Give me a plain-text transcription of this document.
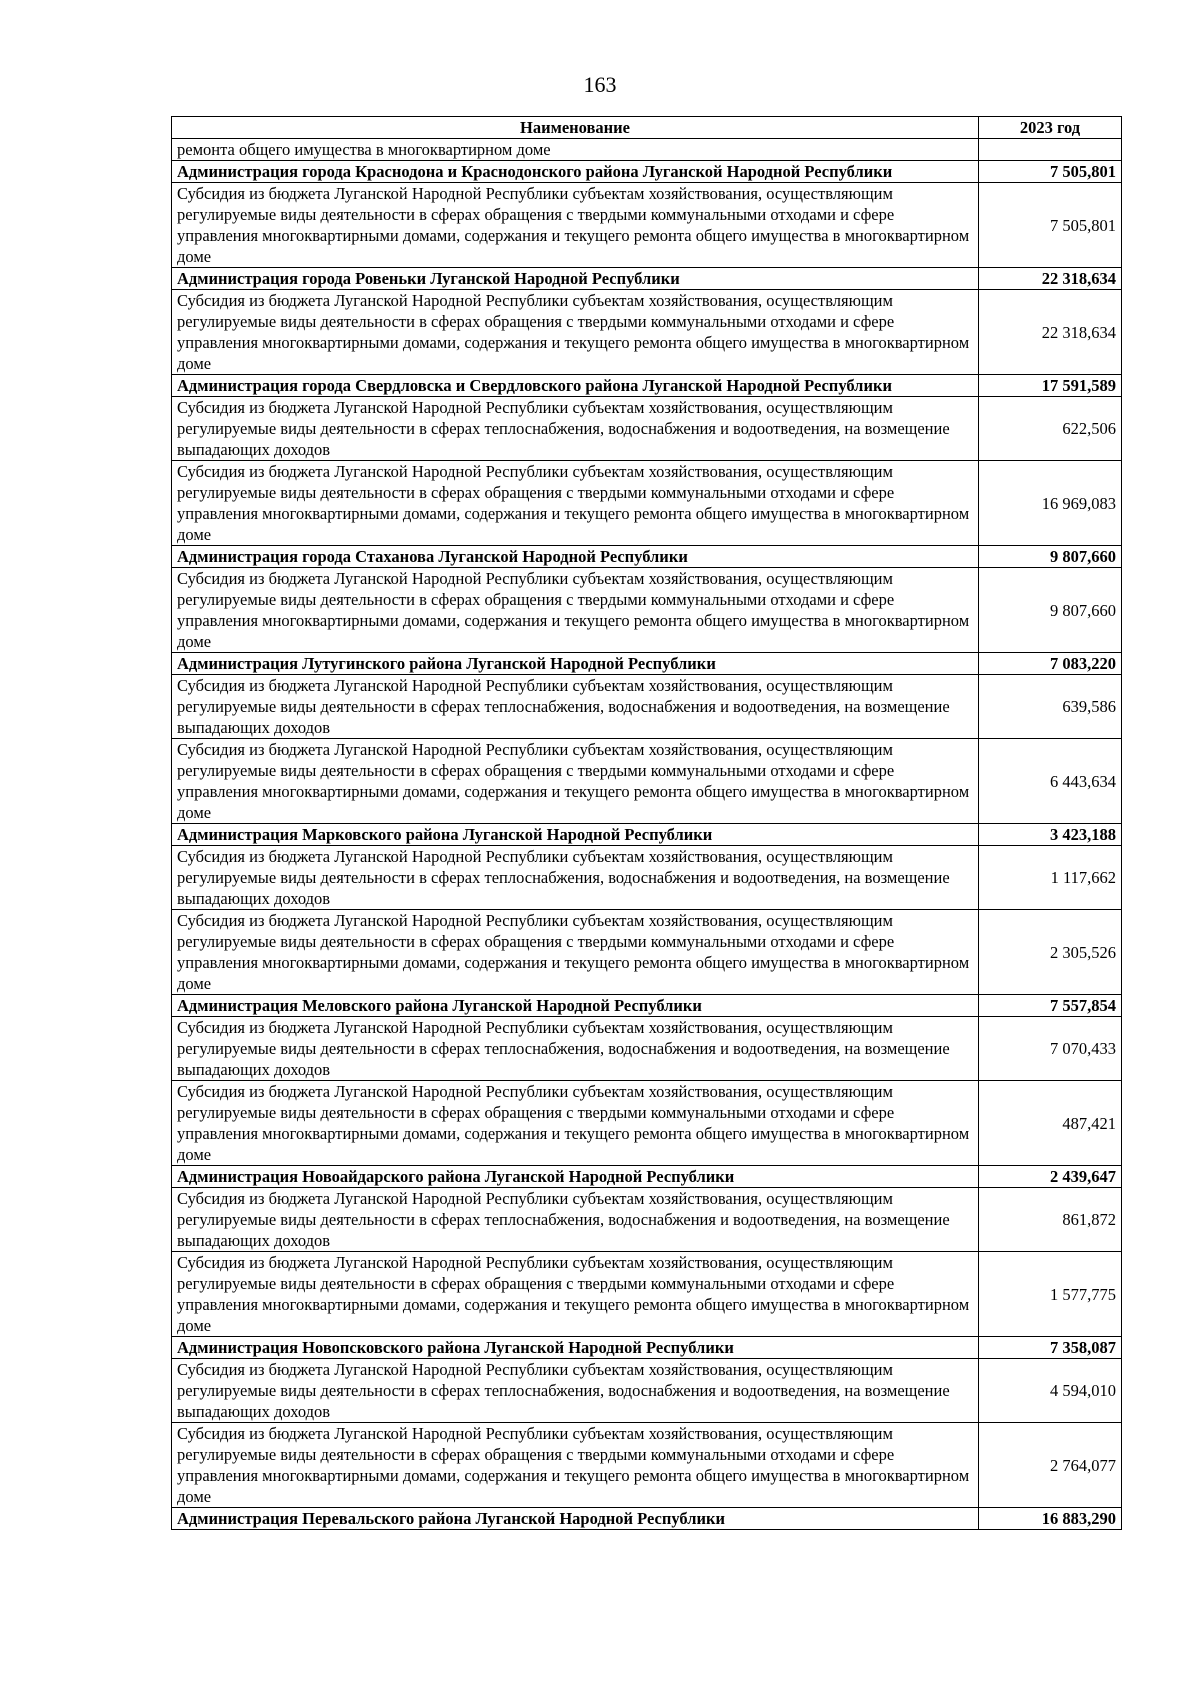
163
Наименование	2023 год
ремонта общего имущества в многоквартирном доме	
Администрация города Краснодона и Краснодонского района Луганской Народной Республики	7 505,801
Субсидия из бюджета Луганской Народной Республики субъектам хозяйствования, осуществляющим регулируемые виды деятельности в сферах обращения с твердыми коммунальными отходами и сфере управления многоквартирными домами, содержания и текущего ремонта общего имущества в многоквартирном доме	7 505,801
Администрация города Ровеньки Луганской Народной Республики	22 318,634
Субсидия из бюджета Луганской Народной Республики субъектам хозяйствования, осуществляющим регулируемые виды деятельности в сферах обращения с твердыми коммунальными отходами и сфере управления многоквартирными домами, содержания и текущего ремонта общего имущества в многоквартирном доме	22 318,634
Администрация города Свердловска и Свердловского района Луганской Народной Республики	17 591,589
Субсидия из бюджета Луганской Народной Республики субъектам хозяйствования, осуществляющим регулируемые виды деятельности в сферах теплоснабжения, водоснабжения и водоотведения, на возмещение выпадающих доходов	622,506
Субсидия из бюджета Луганской Народной Республики субъектам хозяйствования, осуществляющим регулируемые виды деятельности в сферах обращения с твердыми коммунальными отходами и сфере управления многоквартирными домами, содержания и текущего ремонта общего имущества в многоквартирном доме	16 969,083
Администрация города Стаханова Луганской Народной Республики	9 807,660
Субсидия из бюджета Луганской Народной Республики субъектам хозяйствования, осуществляющим регулируемые виды деятельности в сферах обращения с твердыми коммунальными отходами и сфере управления многоквартирными домами, содержания и текущего ремонта общего имущества в многоквартирном доме	9 807,660
Администрация Лутугинского района Луганской Народной Республики	7 083,220
Субсидия из бюджета Луганской Народной Республики субъектам хозяйствования, осуществляющим регулируемые виды деятельности в сферах теплоснабжения, водоснабжения и водоотведения, на возмещение выпадающих доходов	639,586
Субсидия из бюджета Луганской Народной Республики субъектам хозяйствования, осуществляющим регулируемые виды деятельности в сферах обращения с твердыми коммунальными отходами и сфере управления многоквартирными домами, содержания и текущего ремонта общего имущества в многоквартирном доме	6 443,634
Администрация Марковского района Луганской Народной Республики	3 423,188
Субсидия из бюджета Луганской Народной Республики субъектам хозяйствования, осуществляющим регулируемые виды деятельности в сферах теплоснабжения, водоснабжения и водоотведения, на возмещение выпадающих доходов	1 117,662
Субсидия из бюджета Луганской Народной Республики субъектам хозяйствования, осуществляющим регулируемые виды деятельности в сферах обращения с твердыми коммунальными отходами и сфере управления многоквартирными домами, содержания и текущего ремонта общего имущества в многоквартирном доме	2 305,526
Администрация Меловского района Луганской Народной Республики	7 557,854
Субсидия из бюджета Луганской Народной Республики субъектам хозяйствования, осуществляющим регулируемые виды деятельности в сферах теплоснабжения, водоснабжения и водоотведения, на возмещение выпадающих доходов	7 070,433
Субсидия из бюджета Луганской Народной Республики субъектам хозяйствования, осуществляющим регулируемые виды деятельности в сферах обращения с твердыми коммунальными отходами и сфере управления многоквартирными домами, содержания и текущего ремонта общего имущества в многоквартирном доме	487,421
Администрация Новоайдарского района Луганской Народной Республики	2 439,647
Субсидия из бюджета Луганской Народной Республики субъектам хозяйствования, осуществляющим регулируемые виды деятельности в сферах теплоснабжения, водоснабжения и водоотведения, на возмещение выпадающих доходов	861,872
Субсидия из бюджета Луганской Народной Республики субъектам хозяйствования, осуществляющим регулируемые виды деятельности в сферах обращения с твердыми коммунальными отходами и сфере управления многоквартирными домами, содержания и текущего ремонта общего имущества в многоквартирном доме	1 577,775
Администрация Новопсковского района Луганской Народной Республики	7 358,087
Субсидия из бюджета Луганской Народной Республики субъектам хозяйствования, осуществляющим регулируемые виды деятельности в сферах теплоснабжения, водоснабжения и водоотведения, на возмещение выпадающих доходов	4 594,010
Субсидия из бюджета Луганской Народной Республики субъектам хозяйствования, осуществляющим регулируемые виды деятельности в сферах обращения с твердыми коммунальными отходами и сфере управления многоквартирными домами, содержания и текущего ремонта общего имущества в многоквартирном доме	2 764,077
Администрация Перевальского района Луганской Народной Республики	16 883,290
